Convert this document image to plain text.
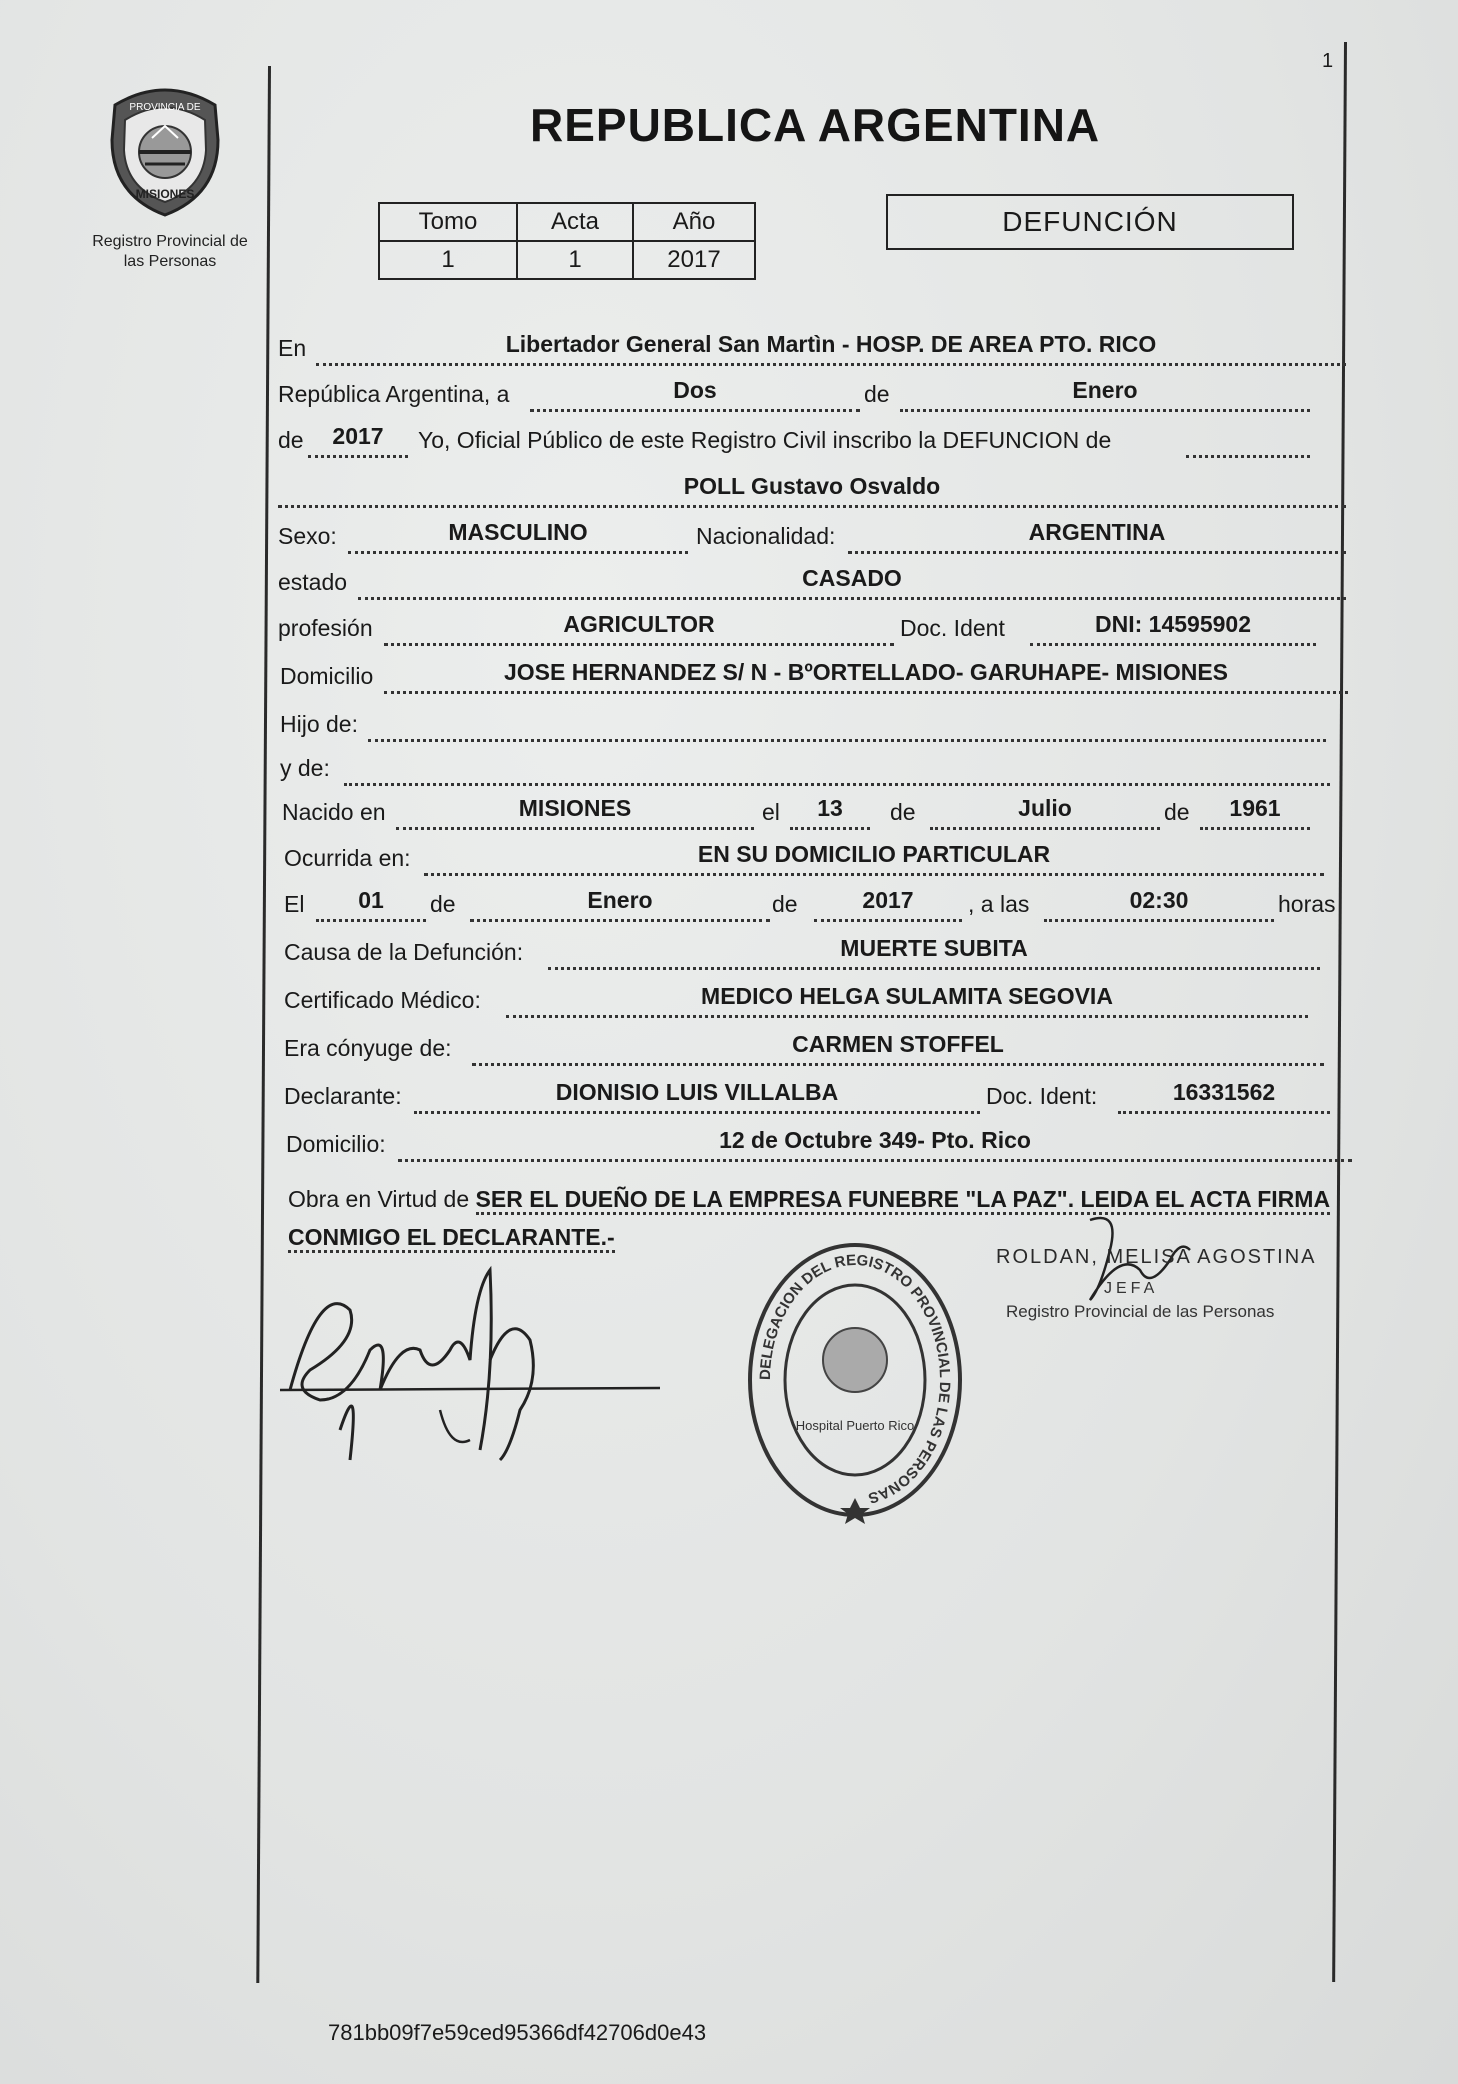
1
PROVINCIA DE
MISIONES
Registro Provincial de
las Personas
REPUBLICA ARGENTINA
Tomo	Acta	Año
1	1	2017
DEFUNCIÓN
En	Libertador General San Martìn - HOSP. DE AREA PTO. RICO
República Argentina, a	Dos	de	Enero
de	2017	Yo, Oficial Público de este Registro Civil inscribo la DEFUNCION de
POLL Gustavo Osvaldo
Sexo:	MASCULINO	Nacionalidad:	ARGENTINA
estado	CASADO
profesión	AGRICULTOR	Doc. Ident	DNI: 14595902
Domicilio	JOSE HERNANDEZ S/ N - BºORTELLADO- GARUHAPE- MISIONES
Hijo de:
y de:
Nacido en	MISIONES	el	13	de	Julio	de	1961
Ocurrida en:	EN SU DOMICILIO PARTICULAR
El	01	de	Enero	de	2017	, a las	02:30	horas
Causa de la Defunción:	MUERTE SUBITA
Certificado Médico:	MEDICO HELGA SULAMITA SEGOVIA
Era cónyuge de:	CARMEN STOFFEL
Declarante:	DIONISIO LUIS VILLALBA	Doc. Ident:	16331562
Domicilio:	12 de Octubre 349- Pto. Rico
Obra en Virtud de SER EL DUEÑO DE LA EMPRESA FUNEBRE "LA PAZ". LEIDA EL ACTA FIRMA CONMIGO EL DECLARANTE.-
DELEGACION DEL REGISTRO PROVINCIAL DE LAS PERSONAS
Hospital Puerto Rico
ROLDAN, MELISA AGOSTINA
JEFA
Registro Provincial de las Personas
781bb09f7e59ced95366df42706d0e43
